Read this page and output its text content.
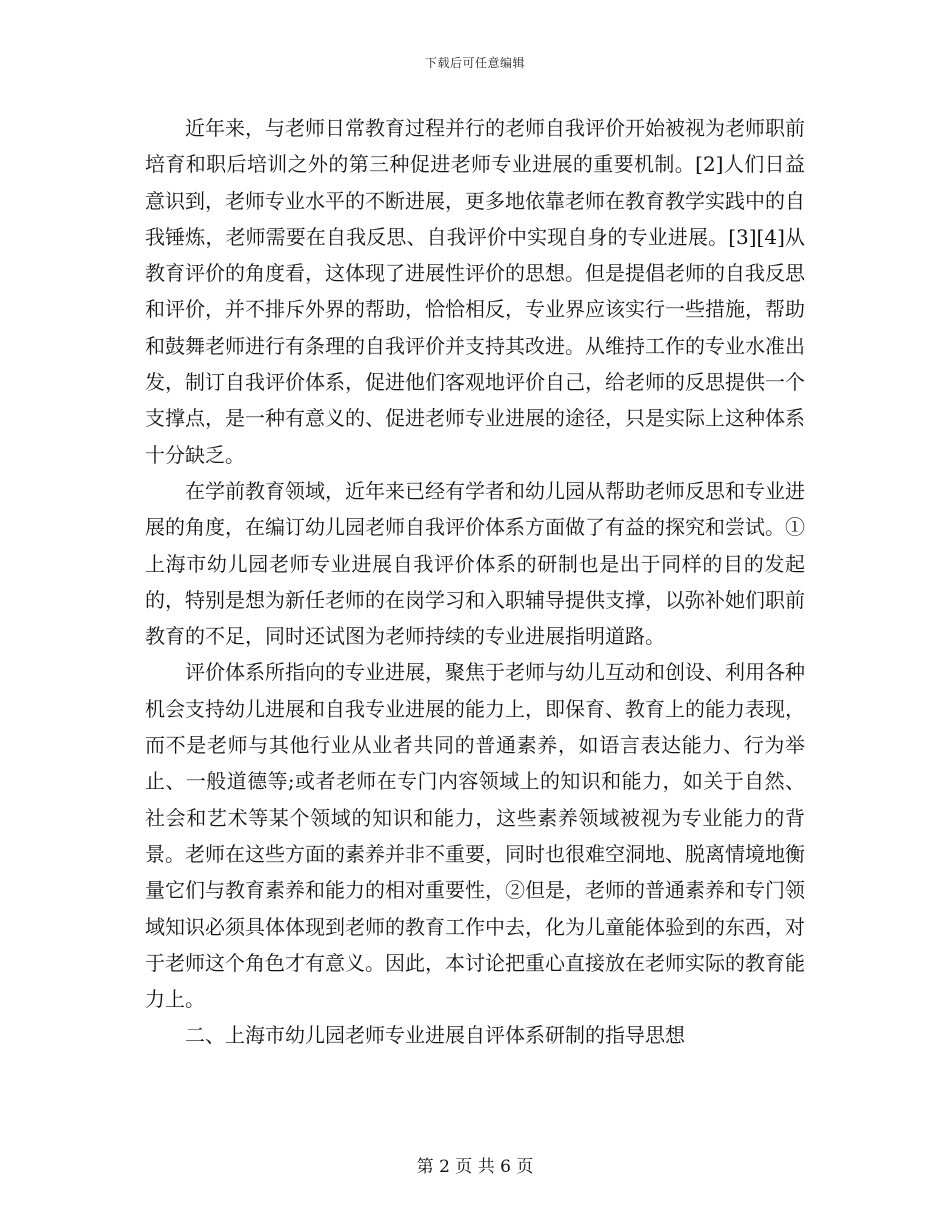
下载后可任意编辑

近年来，与老师日常教育过程并行的老师自我评价开始被视为老师职前培育和职后培训之外的第三种促进老师专业进展的重要机制。[2]人们日益意识到，老师专业水平的不断进展，更多地依靠老师在教育教学实践中的自我锤炼，老师需要在自我反思、自我评价中实现自身的专业进展。[3][4]从教育评价的角度看，这体现了进展性评价的思想。但是提倡老师的自我反思和评价，并不排斥外界的帮助，恰恰相反，专业界应该实行一些措施，帮助和鼓舞老师进行有条理的自我评价并支持其改进。从维持工作的专业水准出发，制订自我评价体系，促进他们客观地评价自己，给老师的反思提供一个支撑点，是一种有意义的、促进老师专业进展的途径，只是实际上这种体系十分缺乏。

在学前教育领域，近年来已经有学者和幼儿园从帮助老师反思和专业进展的角度，在编订幼儿园老师自我评价体系方面做了有益的探究和尝试。①上海市幼儿园老师专业进展自我评价体系的研制也是出于同样的目的发起的，特别是想为新任老师的在岗学习和入职辅导提供支撑，以弥补她们职前教育的不足，同时还试图为老师持续的专业进展指明道路。

评价体系所指向的专业进展，聚焦于老师与幼儿互动和创设、利用各种机会支持幼儿进展和自我专业进展的能力上，即保育、教育上的能力表现，而不是老师与其他行业从业者共同的普通素养，如语言表达能力、行为举止、一般道德等;或者老师在专门内容领域上的知识和能力，如关于自然、社会和艺术等某个领域的知识和能力，这些素养领域被视为专业能力的背景。老师在这些方面的素养并非不重要，同时也很难空洞地、脱离情境地衡量它们与教育素养和能力的相对重要性，②但是，老师的普通素养和专门领域知识必须具体体现到老师的教育工作中去，化为儿童能体验到的东西，对于老师这个角色才有意义。因此，本讨论把重心直接放在老师实际的教育能力上。

二、上海市幼儿园老师专业进展自评体系研制的指导思想

第 2 页 共 6 页
